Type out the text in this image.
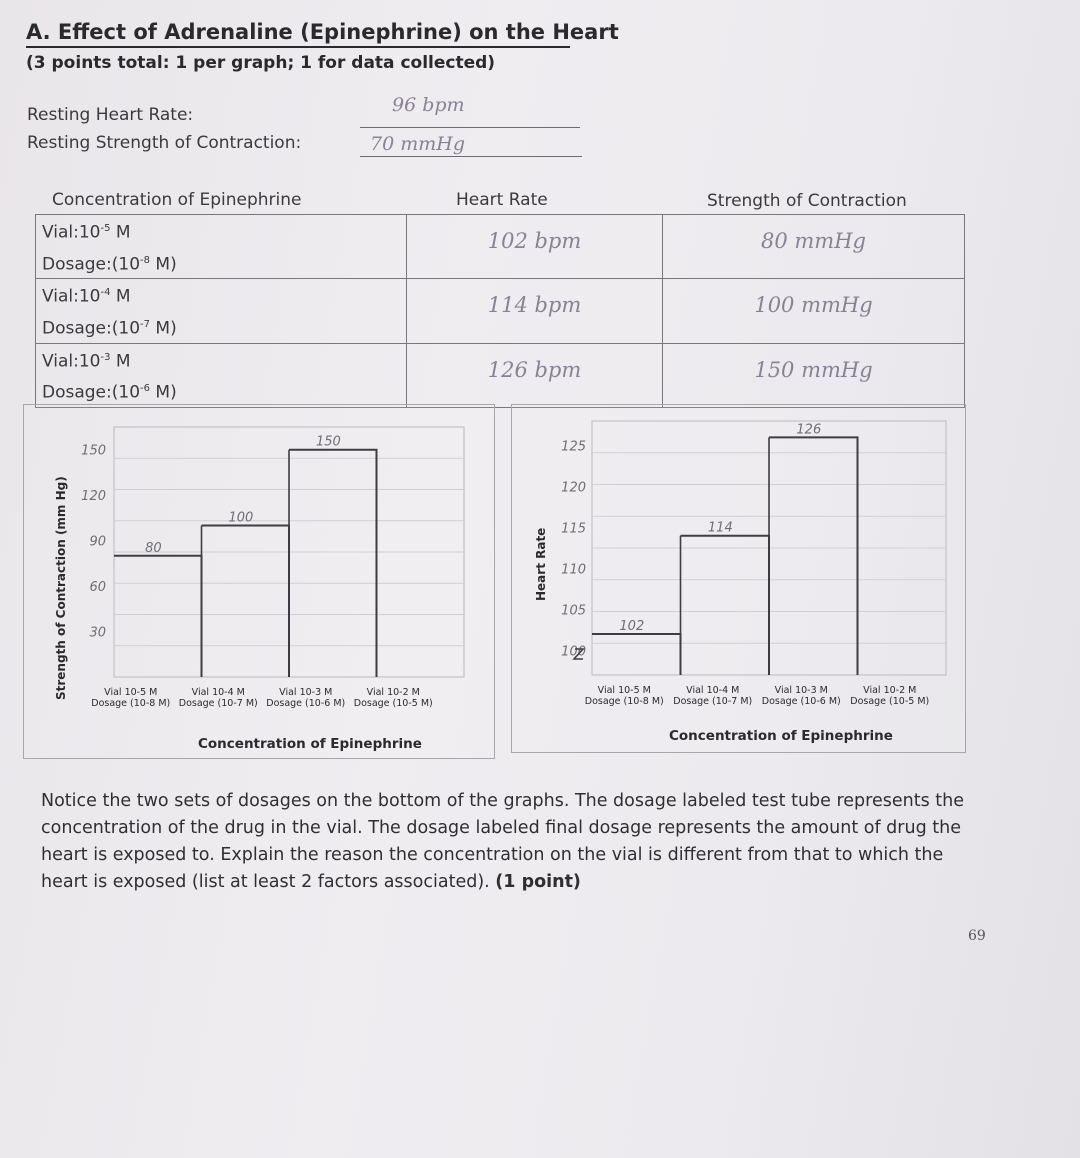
A. Effect of Adrenaline (Epinephrine) on the Heart
(3 points total: 1 per graph; 1 for data collected)
Resting Heart Rate:	96 bpm
Resting Strength of Contraction:	70 mmHg
Concentration of Epinephrine	Heart Rate	Strength of Contraction
$Vial:10^{-5}$ M
$Dosage:(10^{-8}$ M)	102 bpm	80 mmHg

$Vial:10^{-4}$ M
$Dosage:(10^{-7}$ M)	114 bpm	100 mmHg

$Vial:10^{-3}$ M
$Dosage:(10^{-6}$ M)	126 bpm	150 mmHg
Strength of Contraction (mm Hg) 30
60
90
120
150
80
100
150
Vial 10-5 M
Dosage (10-8 M)
Vial 10-4 M
Dosage (10-7 M)
Vial 10-3 M
Dosage (10-6 M)
Vial 10-2 M
Dosage (10-5 M)
Concentration of Epinephrine
Heart Rate
100
105
110
115
120
125
102
114
126
Vial 10-5 M
Dosage (10-8 M)
Vial 10-4 M
Dosage (10-7 M)
Vial 10-3 M
Dosage (10-6 M)
Vial 10-2 M
Dosage (10-5 M)
Concentration of Epinephrine
Notice the two sets of dosages on the bottom of the graphs. The dosage labeled test tube represents the concentration of the drug in the vial. The dosage labeled final dosage represents the amount of drug the heart is exposed to. Explain the reason the concentration on the vial is different from that to which the heart is exposed (list at least 2 factors associated). (1 point)
69
